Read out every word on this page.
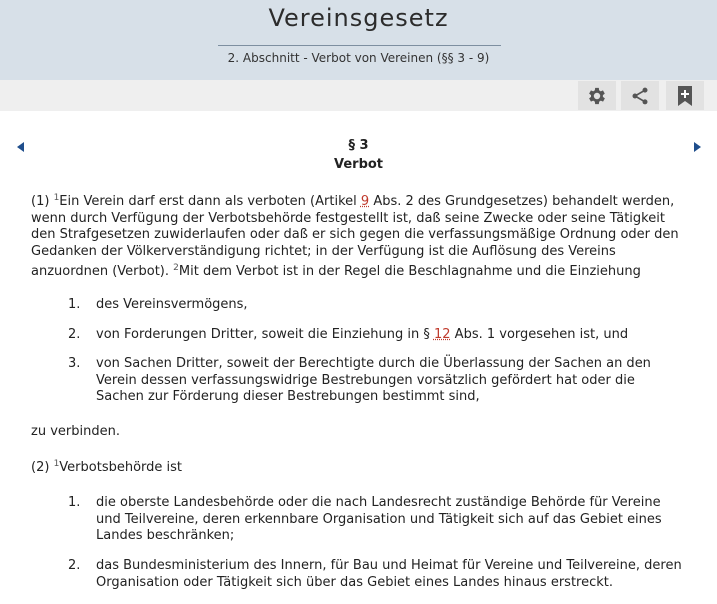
Vereinsgesetz
2. Abschnitt - Verbot von Vereinen (§§ 3 - 9)
§ 3
Verbot
(1) $^1$Ein Verein darf erst dann als verboten (Artikel 9 Abs. 2 des Grundgesetzes) behandelt werden, wenn durch Verfügung der Verbotsbehörde festgestellt ist, daß seine Zwecke oder seine Tätigkeit den Strafgesetzen zuwiderlaufen oder daß er sich gegen die verfassungsmäßige Ordnung oder den Gedanken der Völkerverständigung richtet; in der Verfügung ist die Auflösung des Vereins anzuordnen (Verbot). $^2$Mit dem Verbot ist in der Regel die Beschlagnahme und die Einziehung
1. des Vereinsvermögens,
2. von Forderungen Dritter, soweit die Einziehung in § 12 Abs. 1 vorgesehen ist, und
3. von Sachen Dritter, soweit der Berechtigte durch die Überlassung der Sachen an den Verein dessen verfassungswidrige Bestrebungen vorsätzlich gefördert hat oder die Sachen zur Förderung dieser Bestrebungen bestimmt sind,
zu verbinden.
(2) $^1$Verbotsbehörde ist
1. die oberste Landesbehörde oder die nach Landesrecht zuständige Behörde für Vereine und Teilvereine, deren erkennbare Organisation und Tätigkeit sich auf das Gebiet eines Landes beschränken;
2. das Bundesministerium des Innern, für Bau und Heimat für Vereine und Teilvereine, deren Organisation oder Tätigkeit sich über das Gebiet eines Landes hinaus erstreckt.
